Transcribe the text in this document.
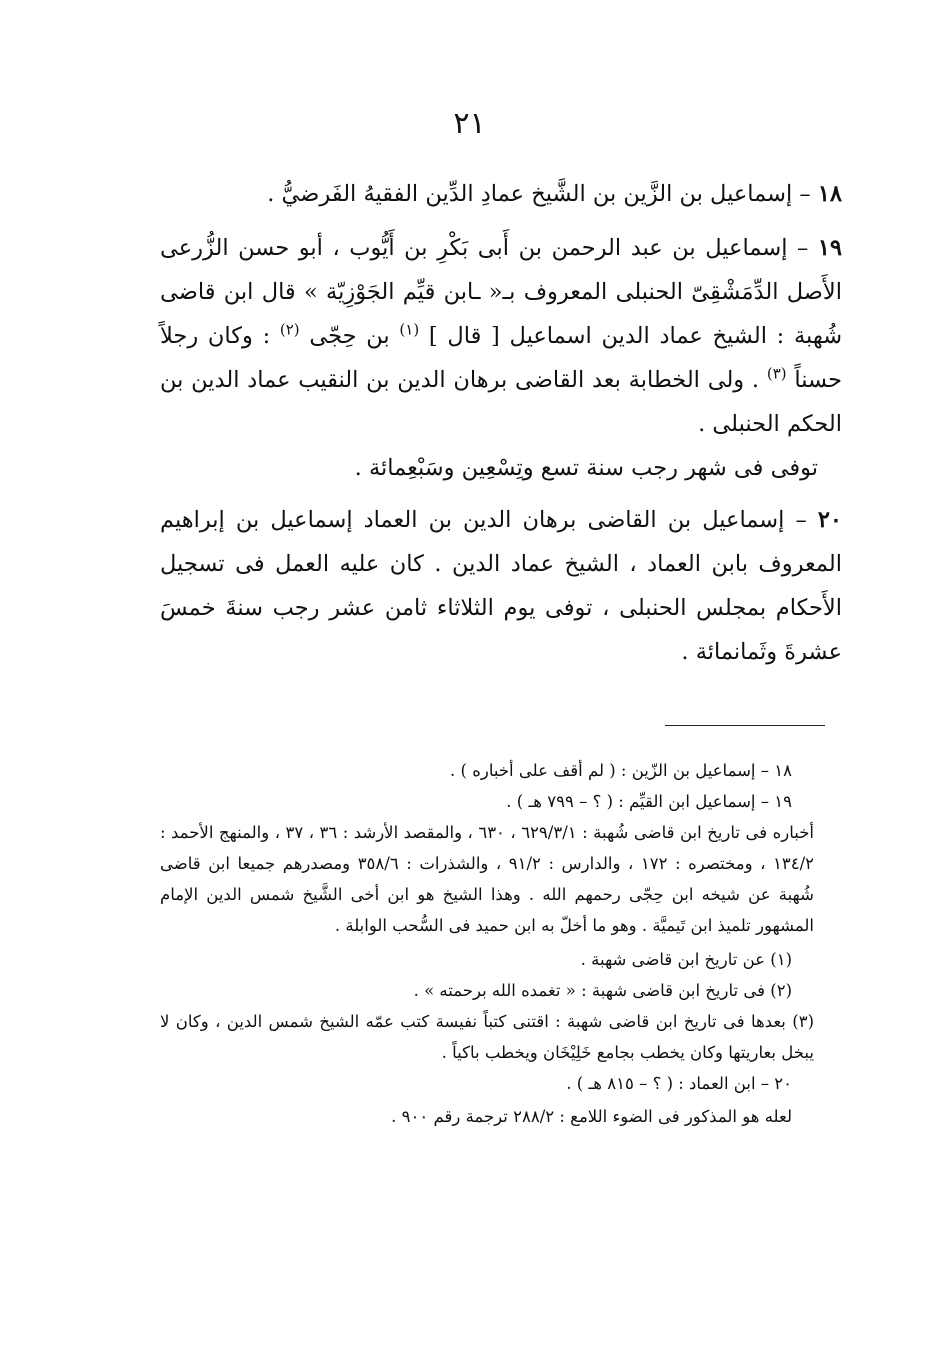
٢١

١٨ – إسماعيل بن الزَّين بن الشَّيخ عمادِ الدِّين الفقيهُ الفَرضيُّ .

١٩ – إسماعيل بن عبد الرحمن بن أَبى بَكْرِ بن أَيُّوب ، أبو حسن الزُّرعى الأَصل الدِّمَشْقِىّ الحنبلى المعروف بـ« ـابن قيِّم الجَوْزِيّة » قال ابن قاضى شُهبة : الشيخ عماد الدين اسماعيل [ قال ] $^{(١)}$ بن حِجّى $^{(٢)}$ : وكان رجلاً حسناً $^{(٣)}$ . ولى الخطابة بعد القاضى برهان الدين بن النقيب عماد الدين بن الحكم الحنبلى .

توفى فى شهر رجب سنة تسع وتِسْعِين وسَبْعِمائة .

٢٠ – إسماعيل بن القاضى برهان الدين بن العماد إسماعيل بن إبراهيم المعروف بابن العماد ، الشيخ عماد الدين . كان عليه العمل فى تسجيل الأَحكام بمجلس الحنبلى ، توفى يوم الثلاثاء ثامن عشر رجب سنةَ خمسَ عشرةَ وثَمانمائة .

١٨ – إسماعيل بن الزّين : ( لم أقف على أخباره ) .

١٩ – إسماعيل ابن القيِّم : ( ؟ – ٧٩٩ هـ ) .

أخباره فى تاريخ ابن قاضى شُهبة : ٦٢٩/٣/١ ، ٦٣٠ ، والمقصد الأرشد : ٣٦ ، ٣٧ ، والمنهج الأحمد : ١٣٤/٢ ، ومختصره : ١٧٢ ، والدارس : ٩١/٢ ، والشذرات : ٣٥٨/٦ ومصدرهم جميعا ابن قاضى شُهبة عن شيخه ابن حِجّى رحمهم الله . وهذا الشيخ هو ابن أخى الشَّيخ شمس الدين الإمام المشهور تلميذ ابن تَيميَّة . وهو ما أخلّ به ابن حميد فى السُّحب الوابلة .

(١) عن تاريخ ابن قاضى شهبة .

(٢) فى تاريخ ابن قاضى شهبة : « تغمده الله برحمته » .

(٣) بعدها فى تاريخ ابن قاضى شهبة : اقتنى كتباً نفيسة كتب عمّه الشيخ شمس الدين ، وكان لا يبخل بعاريتها وكان يخطب بجامع خَلِيْخَان ويخطب باكياً .

٢٠ – ابن العماد : ( ؟ – ٨١٥ هـ ) .

لعله هو المذكور فى الضوء اللامع : ٢٨٨/٢ ترجمة رقم ٩٠٠ .
